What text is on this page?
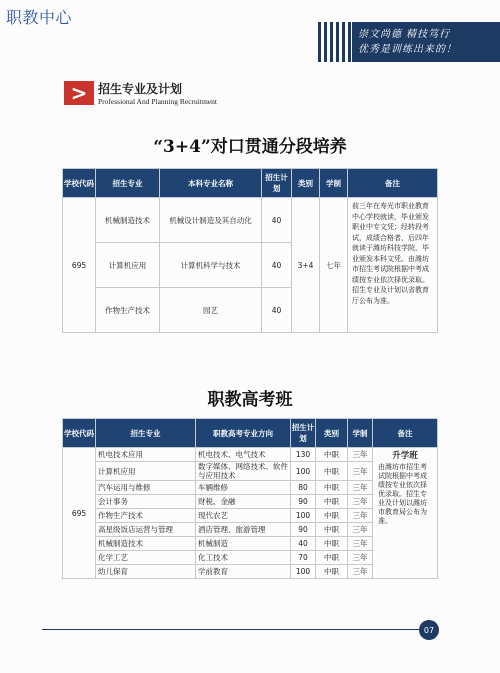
职教中心
崇文尚德 精技笃行
优秀是训练出来的！
> 招生专业及计划
Professional And Planning Recruitment
“3+4”对口贯通分段培养
学校代码	招生专业	本科专业名称	招生计划	类别	学制	备注
695	机械制造技术	机械设计制造及其自动化	40	3+4	七年	前三年在寿光市职业教育中心学校就读，毕业颁发职业中专文凭；经转段考试，成绩合格者，后四年就读于潍坊科技学院，毕业颁发本科文凭。由潍坊市招生考试院根据中考成绩按专业依次择优录取。招生专业及计划以省教育厅公布为准。
	计算机应用	计算机科学与技术	40			
	作物生产技术	园艺	40			
职教高考班
学校代码	招生专业	职教高考专业方向	招生计划	类别	学制	备注
695	机电技术应用	机电技术、电气技术	130	中职	三年	升学班
由潍坊市招生考试院根据中考成绩按专业依次择优录取。招生专业及计划以潍坊市教育局公布为准。
	计算机应用	数字媒体、网络技术、软件与应用技术	100	中职	三年	
	汽车运用与维修	车辆维修	80	中职	三年	
	会计事务	财税、金融	90	中职	三年	
	作物生产技术	现代农艺	100	中职	三年	
	高星级饭店运营与管理	酒店管理、旅游管理	90	中职	三年	
	机械制造技术	机械制造	40	中职	三年	
	化学工艺	化工技术	70	中职	三年	
	幼儿保育	学前教育	100	中职	三年	
07
